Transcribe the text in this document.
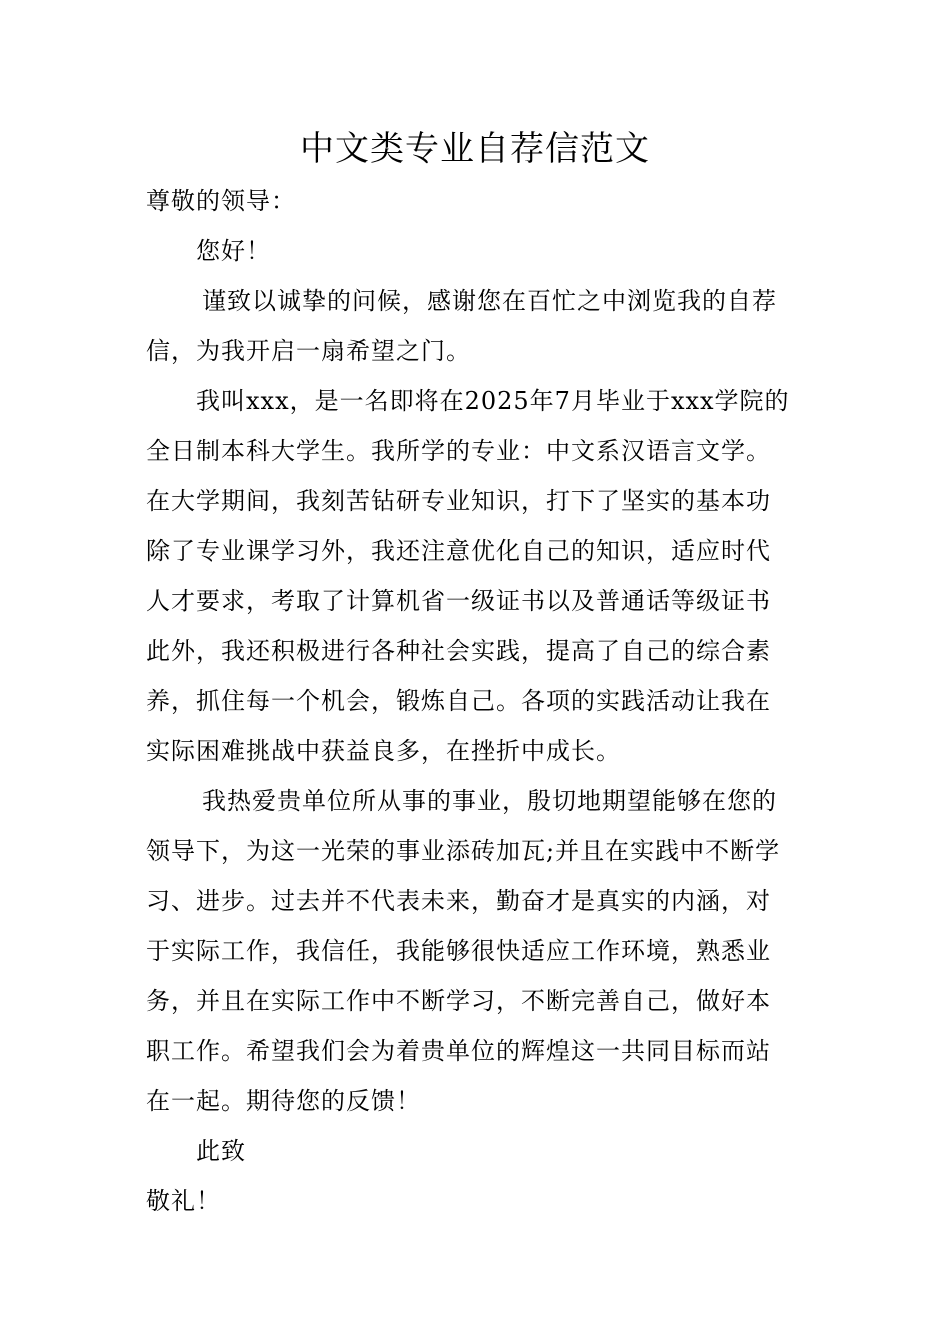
中文类专业自荐信范文
尊敬的领导：
您好！
谨致以诚挚的问候，感谢您在百忙之中浏览我的自荐
信，为我开启一扇希望之门。
我叫xxx，是一名即将在2025年7月毕业于xxx学院的
全日制本科大学生。我所学的专业：中文系汉语言文学。
在大学期间，我刻苦钻研专业知识，打下了坚实的基本功
除了专业课学习外，我还注意优化自己的知识，适应时代
人才要求，考取了计算机省一级证书以及普通话等级证书
此外，我还积极进行各种社会实践，提高了自己的综合素
养，抓住每一个机会，锻炼自己。各项的实践活动让我在
实际困难挑战中获益良多，在挫折中成长。
我热爱贵单位所从事的事业，殷切地期望能够在您的
领导下，为这一光荣的事业添砖加瓦;并且在实践中不断学
习、进步。过去并不代表未来，勤奋才是真实的内涵，对
于实际工作，我信任，我能够很快适应工作环境，熟悉业
务，并且在实际工作中不断学习，不断完善自己，做好本
职工作。希望我们会为着贵单位的辉煌这一共同目标而站
在一起。期待您的反馈！
此致
敬礼！
